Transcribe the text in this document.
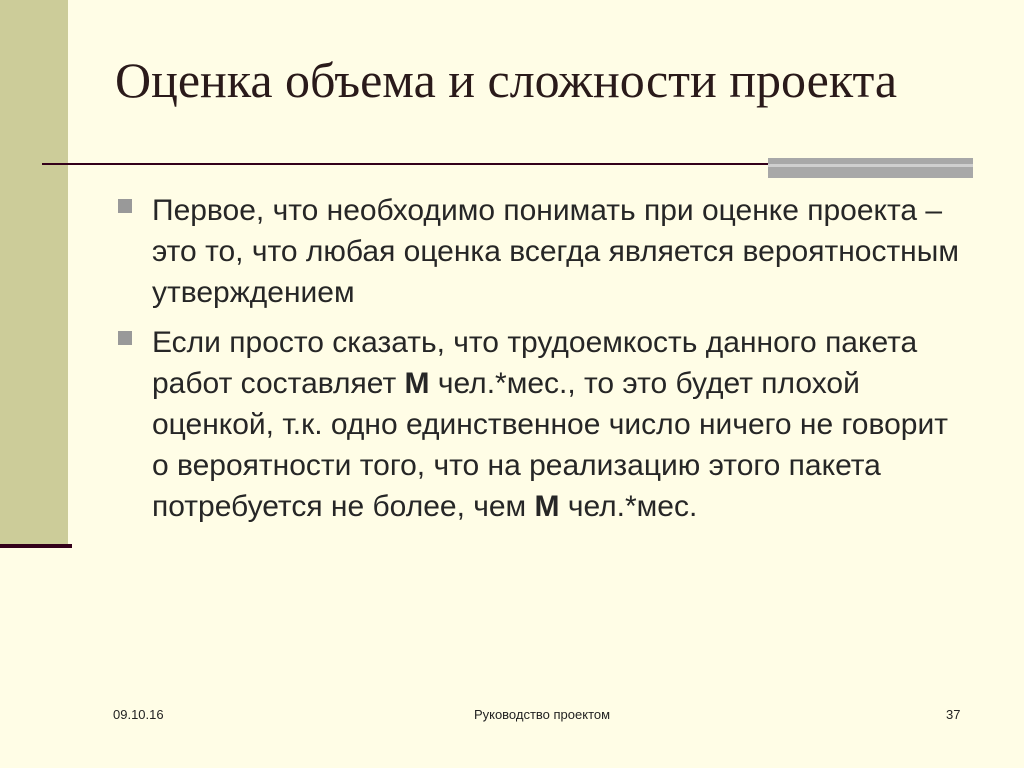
Оценка объема и сложности проекта
Первое, что необходимо понимать при оценке проекта – это то, что любая оценка всегда является вероятностным утверждением
Если просто сказать, что трудоемкость данного пакета работ составляет М чел.*мес., то это будет плохой оценкой, т.к. одно единственное число ничего не говорит о вероятности того, что на реализацию этого пакета потребуется не более, чем М чел.*мес.
09.10.16	Руководство проектом	37
